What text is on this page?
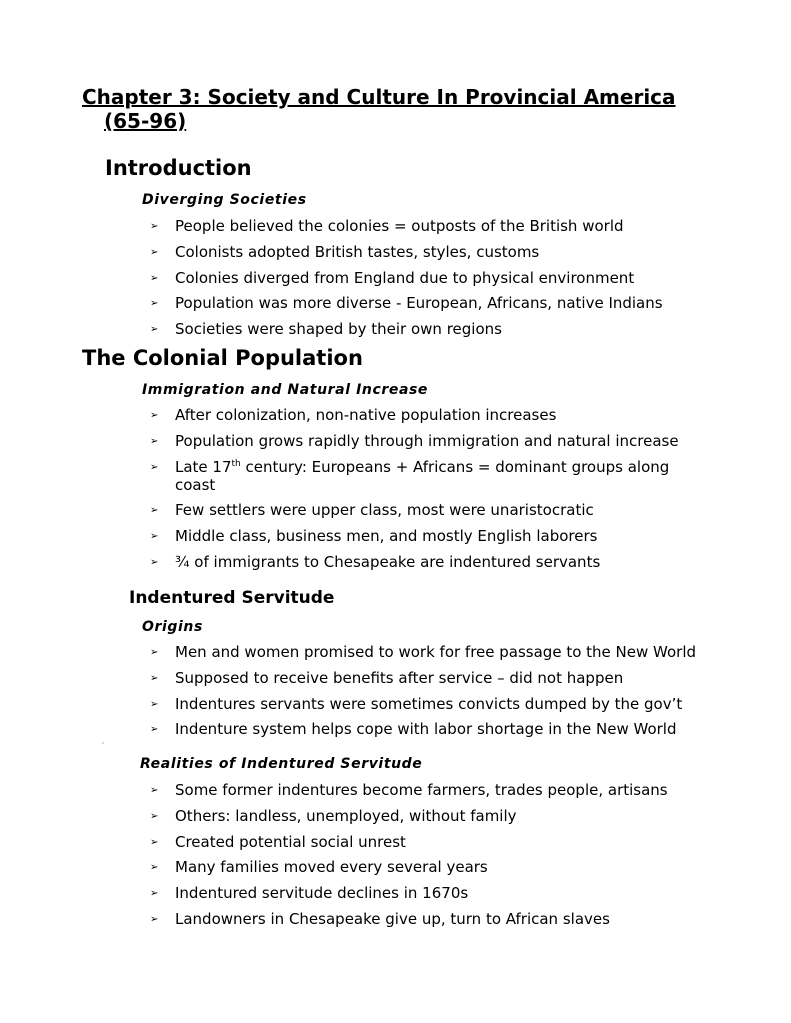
Chapter 3: Society and Culture In Provincial America
(65-96)
Introduction
Diverging Societies
➢ People believed the colonies = outposts of the British world
➢ Colonists adopted British tastes, styles, customs
➢ Colonies diverged from England due to physical environment
➢ Population was more diverse - European, Africans, native Indians
➢ Societies were shaped by their own regions
The Colonial Population
Immigration and Natural Increase
➢ After colonization, non-native population increases
➢ Population grows rapidly through immigration and natural increase
➢ Late 17th century: Europeans + Africans = dominant groups along coast
➢ Few settlers were upper class, most were unaristocratic
➢ Middle class, business men, and mostly English laborers
➢ ¾ of immigrants to Chesapeake are indentured servants
Indentured Servitude
Origins
➢ Men and women promised to work for free passage to the New World
➢ Supposed to receive benefits after service – did not happen
➢ Indentures servants were sometimes convicts dumped by the gov’t
➢ Indenture system helps cope with labor shortage in the New World
Realities of Indentured Servitude
➢ Some former indentures become farmers, trades people, artisans
➢ Others: landless, unemployed, without family
➢ Created potential social unrest
➢ Many families moved every several years
➢ Indentured servitude declines in 1670s
➢ Landowners in Chesapeake give up, turn to African slaves
